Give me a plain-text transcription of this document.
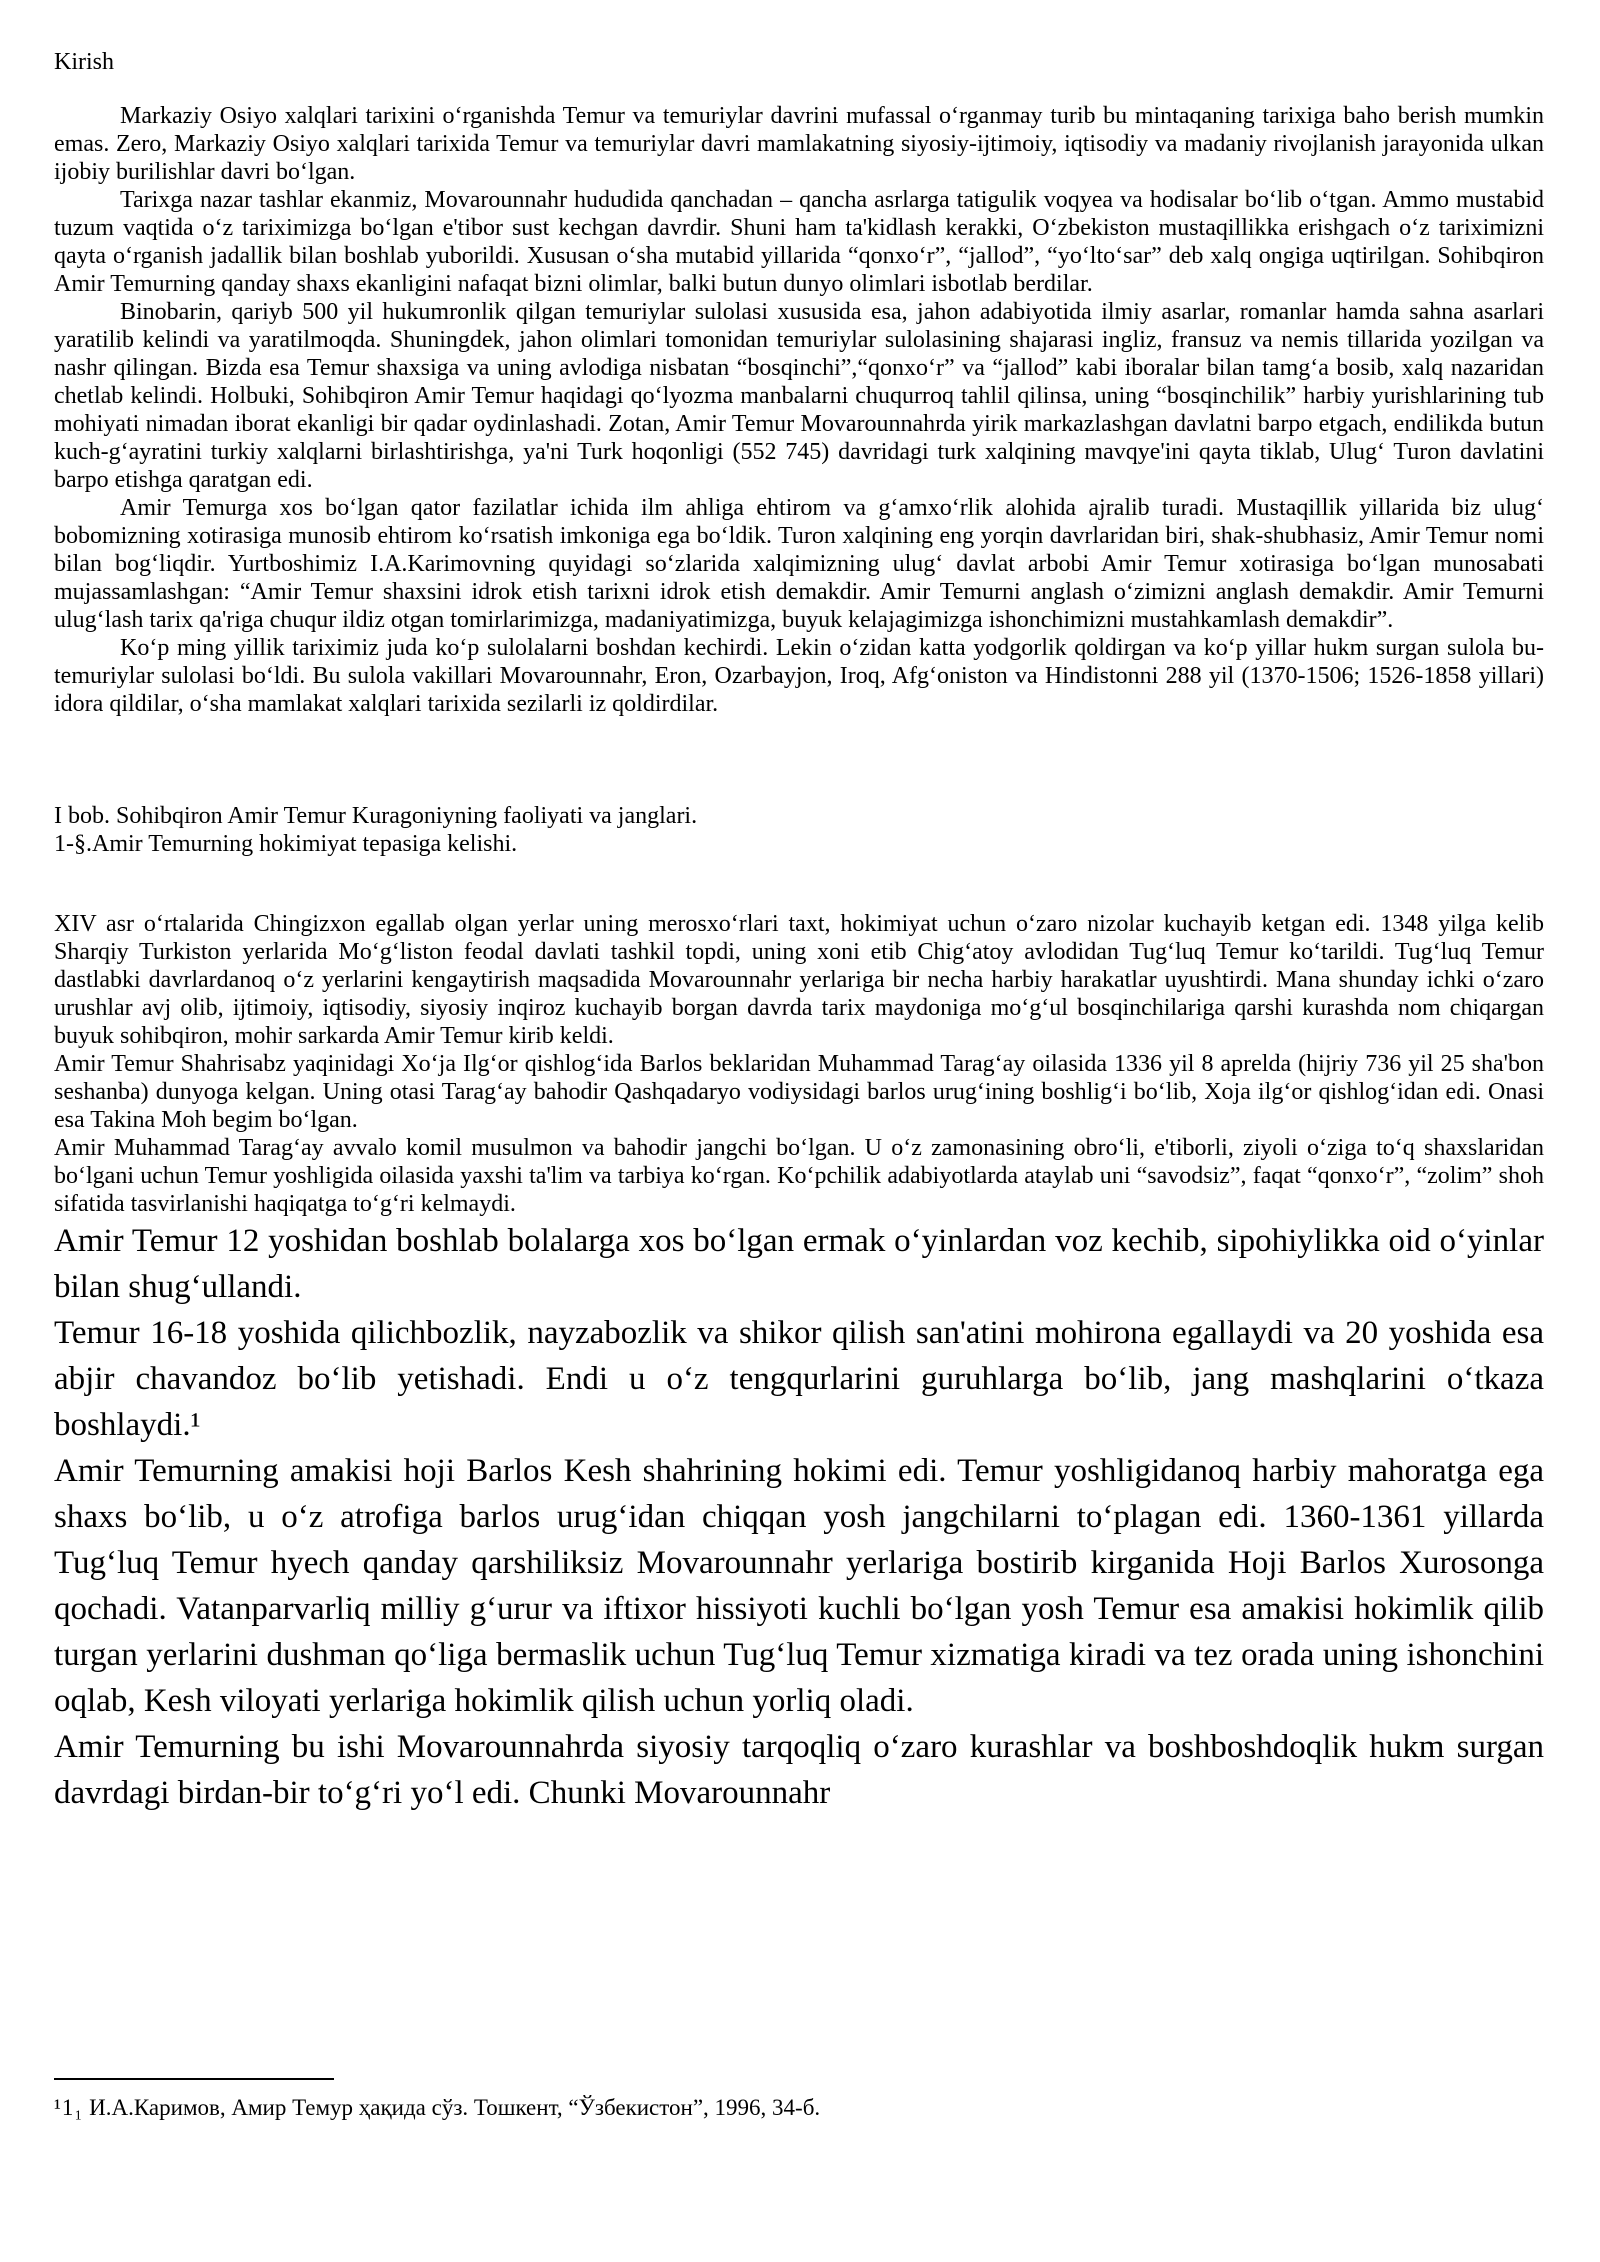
Kirish

Markaziy Osiyo xalqlari tarixini oʻrganishda Temur va temuriylar davrini mufassal oʻrganmay turib bu mintaqaning tarixiga baho berish mumkin emas. Zero, Markaziy Osiyo xalqlari tarixida Temur va temuriylar davri mamlakatning siyosiy-ijtimoiy, iqtisodiy va madaniy rivojlanish jarayonida ulkan ijobiy burilishlar davri boʻlgan.

Tarixga nazar tashlar ekanmiz, Movarounnahr hududida qanchadan – qancha asrlarga tatigulik voqyea va hodisalar boʻlib oʻtgan. Ammo mustabid tuzum vaqtida oʻz tariximizga boʻlgan e'tibor sust kechgan davrdir. Shuni ham ta'kidlash kerakki, Oʻzbekiston mustaqillikka erishgach oʻz tariximizni qayta oʻrganish jadallik bilan boshlab yuborildi. Xususan oʻsha mutabid yillarida “qonxoʻr”, “jallod”, “yoʻltoʻsar” deb xalq ongiga uqtirilgan. Sohibqiron Amir Temurning qanday shaxs ekanligini nafaqat bizni olimlar, balki butun dunyo olimlari isbotlab berdilar.

Binobarin, qariyb 500 yil hukumronlik qilgan temuriylar sulolasi xususida esa, jahon adabiyotida ilmiy asarlar, romanlar hamda sahna asarlari yaratilib kelindi va yaratilmoqda. Shuningdek, jahon olimlari tomonidan temuriylar sulolasining shajarasi ingliz, fransuz va nemis tillarida yozilgan va nashr qilingan. Bizda esa Temur shaxsiga va uning avlodiga nisbatan “bosqinchi”,“qonxoʻr” va “jallod” kabi iboralar bilan tamgʻa bosib, xalq nazaridan chetlab kelindi. Holbuki, Sohibqiron Amir Temur haqidagi qoʻlyozma manbalarni chuqurroq tahlil qilinsa, uning “bosqinchilik” harbiy yurishlarining tub mohiyati nimadan iborat ekanligi bir qadar oydinlashadi. Zotan, Amir Temur Movarounnahrda yirik markazlashgan davlatni barpo etgach, endilikda butun kuch-gʻayratini turkiy xalqlarni birlashtirishga, ya'ni Turk hoqonligi (552 745) davridagi turk xalqining mavqye'ini qayta tiklab, Ulugʻ Turon davlatini barpo etishga qaratgan edi.

Amir Temurga xos boʻlgan qator fazilatlar ichida ilm ahliga ehtirom va gʻamxoʻrlik alohida ajralib turadi. Mustaqillik yillarida biz ulugʻ bobomizning xotirasiga munosib ehtirom koʻrsatish imkoniga ega boʻldik. Turon xalqining eng yorqin davrlaridan biri, shak-shubhasiz, Amir Temur nomi bilan bogʻliqdir. Yurtboshimiz I.A.Karimovning quyidagi soʻzlarida xalqimizning ulugʻ davlat arbobi Amir Temur xotirasiga boʻlgan munosabati mujassamlashgan: “Amir Temur shaxsini idrok etish tarixni idrok etish demakdir. Amir Temurni anglash oʻzimizni anglash demakdir. Amir Temurni ulugʻlash tarix qa'riga chuqur ildiz otgan tomirlarimizga, madaniyatimizga, buyuk kelajagimizga ishonchimizni mustahkamlash demakdir”.

Koʻp ming yillik tariximiz juda koʻp sulolalarni boshdan kechirdi. Lekin oʻzidan katta yodgorlik qoldirgan va koʻp yillar hukm surgan sulola bu- temuriylar sulolasi boʻldi. Bu sulola vakillari Movarounnahr, Eron, Ozarbayjon, Iroq, Afgʻoniston va Hindistonni 288 yil (1370-1506; 1526-1858 yillari) idora qildilar, oʻsha mamlakat xalqlari tarixida sezilarli iz qoldirdilar.

I bob. Sohibqiron Amir Temur Kuragoniyning faoliyati va janglari.
1-§.Amir Temurning hokimiyat tepasiga kelishi.

XIV asr oʻrtalarida Chingizxon egallab olgan yerlar uning merosxoʻrlari taxt, hokimiyat uchun oʻzaro nizolar kuchayib ketgan edi. 1348 yilga kelib Sharqiy Turkiston yerlarida Moʻgʻliston feodal davlati tashkil topdi, uning xoni etib Chigʻatoy avlodidan Tugʻluq Temur koʻtarildi. Tugʻluq Temur dastlabki davrlardanoq oʻz yerlarini kengaytirish maqsadida Movarounnahr yerlariga bir necha harbiy harakatlar uyushtirdi. Mana shunday ichki oʻzaro urushlar avj olib, ijtimoiy, iqtisodiy, siyosiy inqiroz kuchayib borgan davrda tarix maydoniga moʻgʻul bosqinchilariga qarshi kurashda nom chiqargan buyuk sohibqiron, mohir sarkarda Amir Temur kirib keldi.

Amir Temur Shahrisabz yaqinidagi Xoʻja Ilgʻor qishlogʻida Barlos beklaridan Muhammad Taragʻay oilasida 1336 yil 8 aprelda (hijriy 736 yil 25 sha'bon seshanba) dunyoga kelgan. Uning otasi Taragʻay bahodir Qashqadaryo vodiysidagi barlos urugʻining boshligʻi boʻlib, Xoja ilgʻor qishlogʻidan edi. Onasi esa Takina Moh begim boʻlgan.

Amir Muhammad Taragʻay avvalo komil musulmon va bahodir jangchi boʻlgan. U oʻz zamonasining obroʻli, e'tiborli, ziyoli oʻziga toʻq shaxslaridan boʻlgani uchun Temur yoshligida oilasida yaxshi ta'lim va tarbiya koʻrgan. Koʻpchilik adabiyotlarda ataylab uni “savodsiz”, faqat “qonxoʻr”, “zolim” shoh sifatida tasvirlanishi haqiqatga toʻgʻri kelmaydi.

Amir Temur 12 yoshidan boshlab bolalarga xos boʻlgan ermak oʻyinlardan voz kechib, sipohiylikka oid oʻyinlar bilan shugʻullandi.

Temur 16-18 yoshida qilichbozlik, nayzabozlik va shikor qilish san'atini mohirona egallaydi va 20 yoshida esa abjir chavandoz boʻlib yetishadi. Endi u oʻz tengqurlarini guruhlarga boʻlib, jang mashqlarini oʻtkaza boshlaydi.¹

Amir Temurning amakisi hoji Barlos Kesh shahrining hokimi edi. Temur yoshligidanoq harbiy mahoratga ega shaxs boʻlib, u oʻz atrofiga barlos urugʻidan chiqqan yosh jangchilarni toʻplagan edi. 1360-1361 yillarda Tugʻluq Temur hyech qanday qarshiliksiz Movarounnahr yerlariga bostirib kirganida Hoji Barlos Xurosonga qochadi. Vatanparvarliq milliy gʻurur va iftixor hissiyoti kuchli boʻlgan yosh Temur esa amakisi hokimlik qilib turgan yerlarini dushman qoʻliga bermaslik uchun Tugʻluq Temur xizmatiga kiradi va tez orada uning ishonchini oqlab, Kesh viloyati yerlariga hokimlik qilish uchun yorliq oladi.

Amir Temurning bu ishi Movarounnahrda siyosiy tarqoqliq oʻzaro kurashlar va boshboshdoqlik hukm surgan davrdagi birdan-bir toʻgʻri yoʻl edi. Chunki Movarounnahr

¹1₁ И.А.Каримов, Амир Темур ҳақида сўз. Тошкент, “Ўзбекистон”, 1996, 34-б.
